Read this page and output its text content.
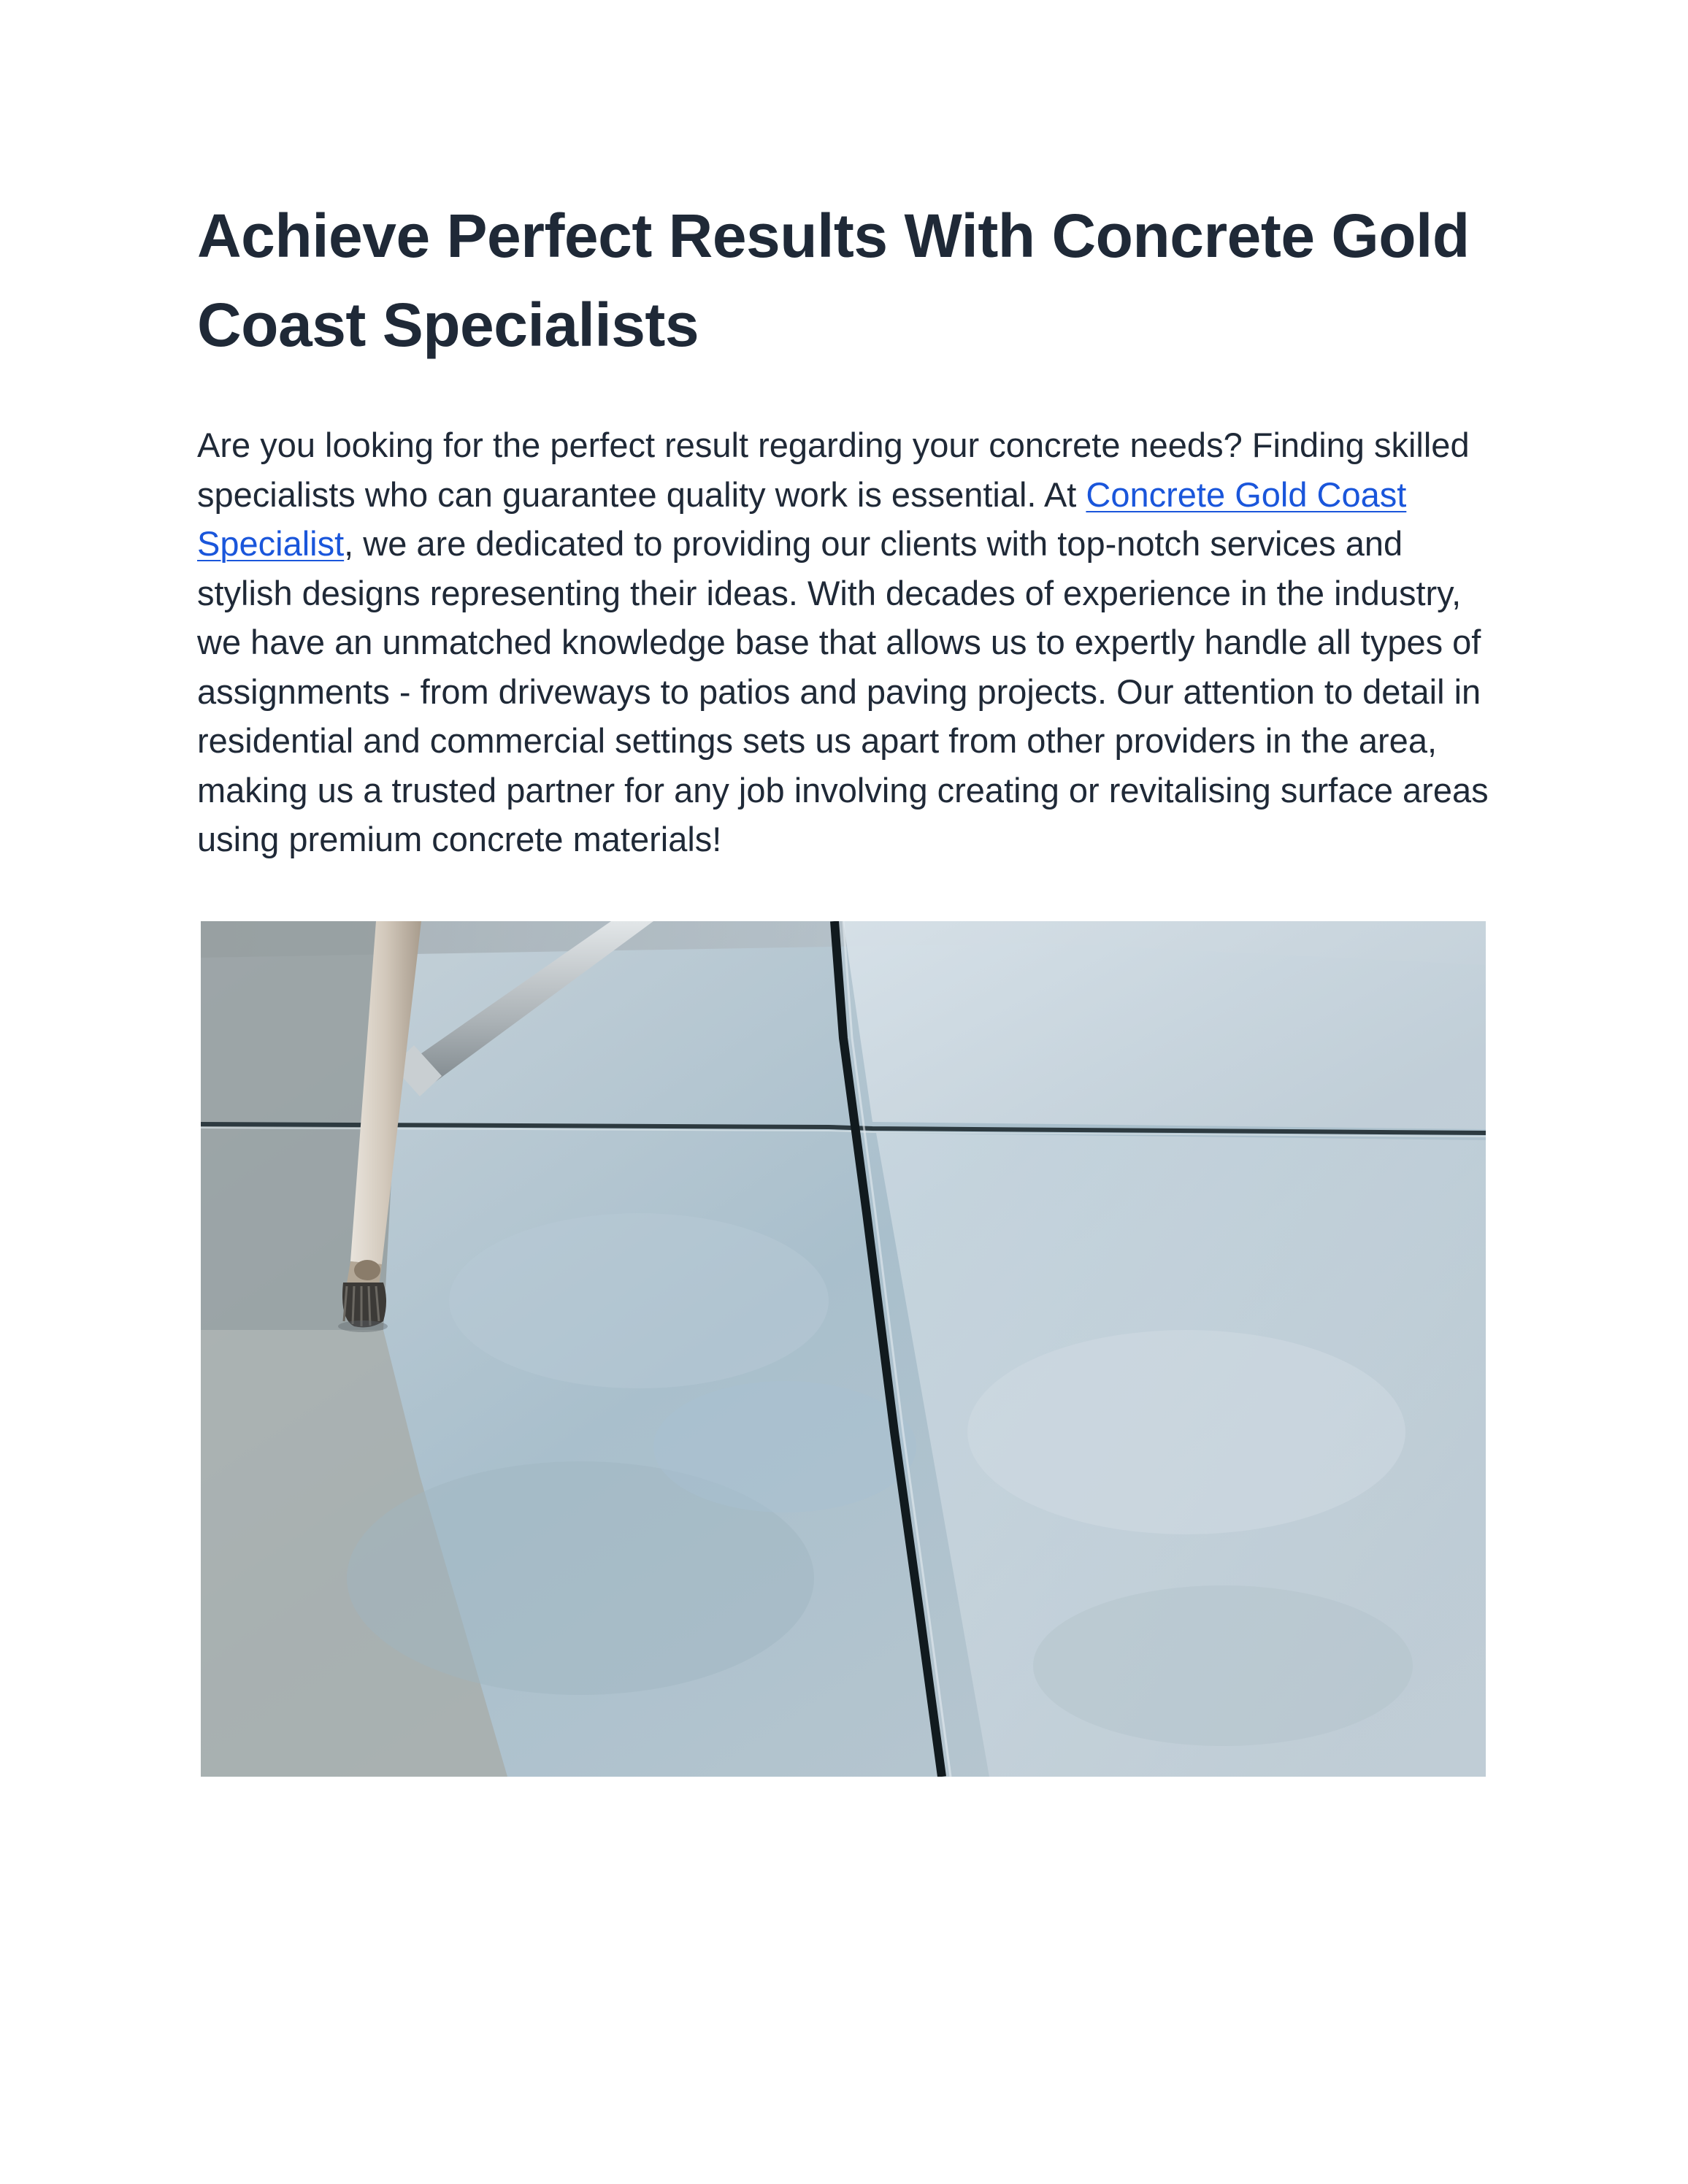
Achieve Perfect Results With Concrete Gold Coast Specialists

Are you looking for the perfect result regarding your concrete needs? Finding skilled specialists who can guarantee quality work is essential. At Concrete Gold Coast Specialist, we are dedicated to providing our clients with top-notch services and stylish designs representing their ideas. With decades of experience in the industry, we have an unmatched knowledge base that allows us to expertly handle all types of assignments - from driveways to patios and paving projects. Our attention to detail in residential and commercial settings sets us apart from other providers in the area, making us a trusted partner for any job involving creating or revitalising surface areas using premium concrete materials!
